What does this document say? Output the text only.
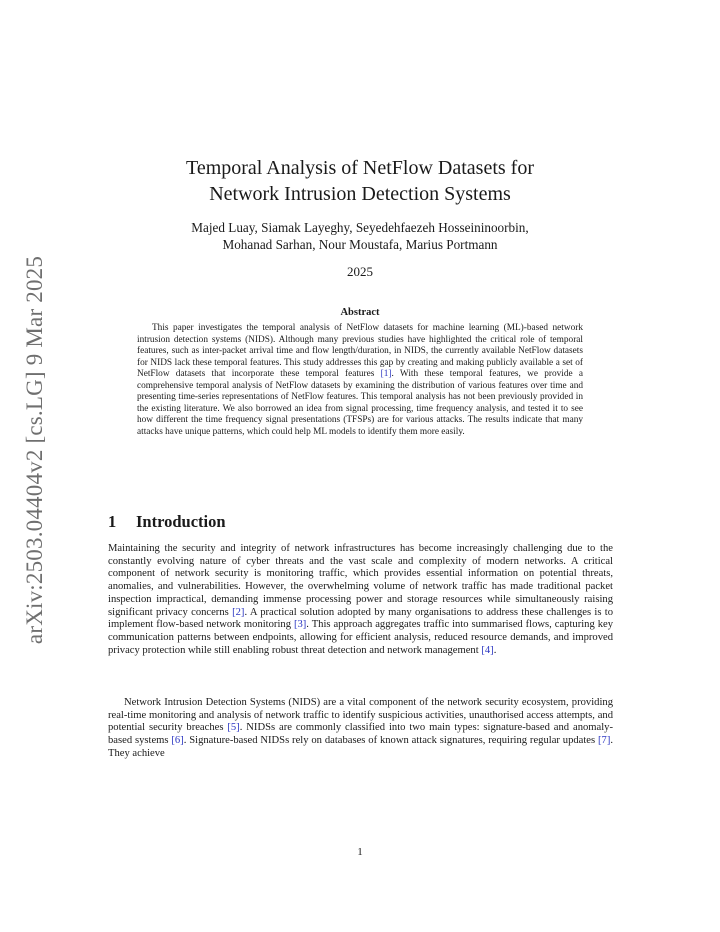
arXiv:2503.04404v2 [cs.LG] 9 Mar 2025
Temporal Analysis of NetFlow Datasets for
Network Intrusion Detection Systems
Majed Luay, Siamak Layeghy, Seyedehfaezeh Hosseininoorbin,
Mohanad Sarhan, Nour Moustafa, Marius Portmann
2025
Abstract
This paper investigates the temporal analysis of NetFlow datasets for machine learning (ML)-based network intrusion detection systems (NIDS). Although many previous studies have highlighted the critical role of temporal features, such as inter-packet arrival time and flow length/duration, in NIDS, the currently available NetFlow datasets for NIDS lack these temporal features. This study addresses this gap by creating and making publicly available a set of NetFlow datasets that incorporate these temporal features [1]. With these temporal features, we provide a comprehensive temporal analysis of NetFlow datasets by examining the distribution of various features over time and presenting time-series representations of NetFlow features. This temporal analysis has not been previously provided in the existing literature. We also borrowed an idea from signal processing, time frequency analysis, and tested it to see how different the time frequency signal presentations (TFSPs) are for various attacks. The results indicate that many attacks have unique patterns, which could help ML models to identify them more easily.
1 Introduction
Maintaining the security and integrity of network infrastructures has become increasingly challenging due to the constantly evolving nature of cyber threats and the vast scale and complexity of modern networks. A critical component of network security is monitoring traffic, which provides essential information on potential threats, anomalies, and vulnerabilities. However, the overwhelming volume of network traffic has made traditional packet inspection impractical, demanding immense processing power and storage resources while simultaneously raising significant privacy concerns [2]. A practical solution adopted by many organisations to address these challenges is to implement flow-based network monitoring [3]. This approach aggregates traffic into summarised flows, capturing key communication patterns between endpoints, allowing for efficient analysis, reduced resource demands, and improved privacy protection while still enabling robust threat detection and network management [4].
Network Intrusion Detection Systems (NIDS) are a vital component of the network security ecosystem, providing real-time monitoring and analysis of network traffic to identify suspicious activities, unauthorised access attempts, and potential security breaches [5]. NIDSs are commonly classified into two main types: signature-based and anomaly-based systems [6]. Signature-based NIDSs rely on databases of known attack signatures, requiring regular updates [7]. They achieve
1
